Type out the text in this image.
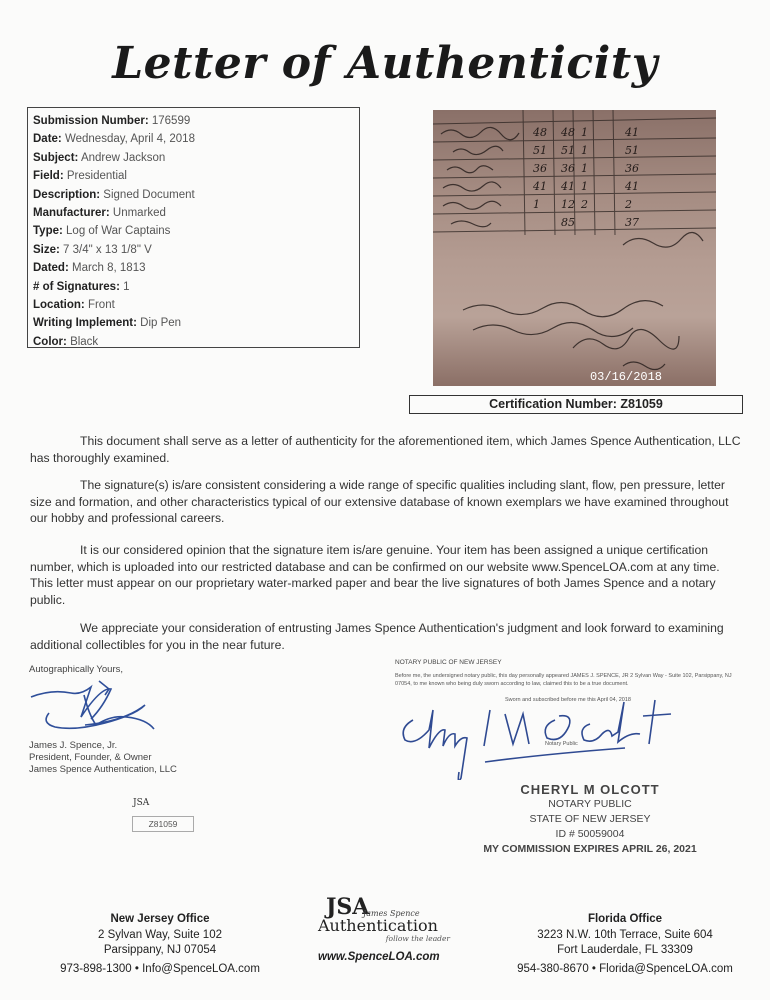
Letter of Authenticity
Submission Number: 176599
Date: Wednesday, April 4, 2018
Subject: Andrew Jackson
Field: Presidential
Description: Signed Document
Manufacturer: Unmarked
Type: Log of War Captains
Size: 7 3/4" x 13 1/8" V
Dated: March 8, 1813
# of Signatures: 1
Location: Front
Writing Implement: Dip Pen
Color: Black
48 48 1	41
51 51 1	51
36 36 1	36
41 41 1	41
1 12 2	2
85	37
03/16/2018
Certification Number: Z81059
This document shall serve as a letter of authenticity for the aforementioned item, which James Spence Authentication, LLC has thoroughly examined.
The signature(s) is/are consistent considering a wide range of specific qualities including slant, flow, pen pressure, letter size and formation, and other characteristics typical of our extensive database of known exemplars we have examined throughout our hobby and professional careers.
It is our considered opinion that the signature item is/are genuine. Your item has been assigned a unique certification number, which is uploaded into our restricted database and can be confirmed on our website www.SpenceLOA.com at any time. This letter must appear on our proprietary water-marked paper and bear the live signatures of both James Spence and a notary public.
We appreciate your consideration of entrusting James Spence Authentication's judgment and look forward to examining additional collectibles for you in the near future.
Autographically Yours,
James J. Spence, Jr.
President, Founder, & Owner
James Spence Authentication, LLC
JSA
Z81059
NOTARY PUBLIC OF NEW JERSEY
Before me, the undersigned notary public, this day personally appeared JAMES J. SPENCE, JR 2 Sylvan Way - Suite 102, Parsippany, NJ 07054, to me known who being duly sworn according to law, claimed this to be a true document.
Sworn and subscribed before me this April 04, 2018
Notary Public
CHERYL M OLCOTT
NOTARY PUBLIC
STATE OF NEW JERSEY
ID # 50059004
MY COMMISSION EXPIRES APRIL 26, 2021
New Jersey Office
2 Sylvan Way, Suite 102
Parsippany, NJ 07054
973-898-1300 • Info@SpenceLOA.com
JSA
James Spence
Authentication
follow the leader
www.SpenceLOA.com
Florida Office
3223 N.W. 10th Terrace, Suite 604
Fort Lauderdale, FL 33309
954-380-8670 • Florida@SpenceLOA.com
